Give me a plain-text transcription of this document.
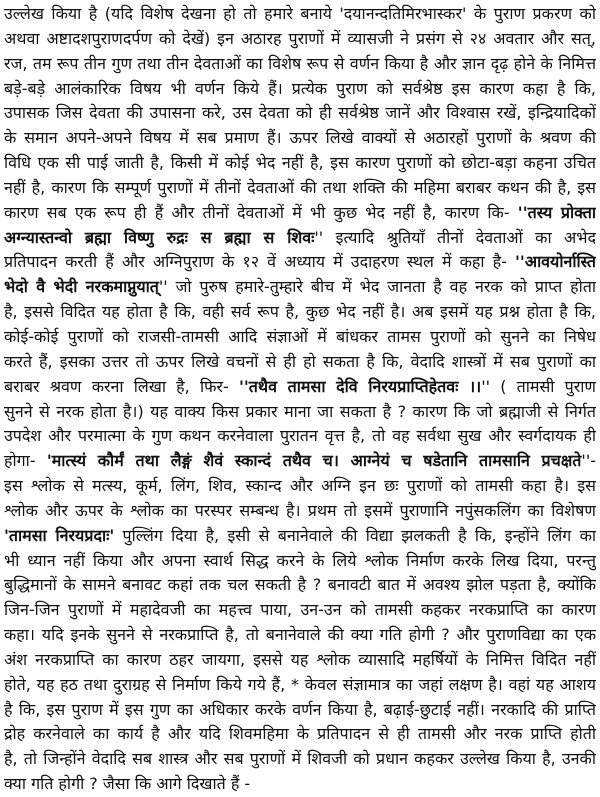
उल्लेख किया है (यदि विशेष देखना हो तो हमारे बनाये 'दयानन्दतिमिरभास्कर' के पुराण प्रकरण को
अथवा अष्टादशपुराणदर्पण को देखें) इन अठारह पुराणों में व्यासजी ने प्रसंग से २४ अवतार और सत्,
रज, तम रूप तीन गुण तथा तीन देवताओं का विशेष रूप से वर्णन किया है और ज्ञान दृढ़ होने के निमित्त
बड़े-बड़े आलंकारिक विषय भी वर्णन किये हैं। प्रत्येक पुराण को सर्वश्रेष्ठ इस कारण कहा है कि,
उपासक जिस देवता की उपासना करे, उस देवता को ही सर्वश्रेष्ठ जानें और विश्वास रखें, इन्द्रियादिकों
के समान अपने-अपने विषय में सब प्रमाण हैं। ऊपर लिखे वाक्यों से अठारहों पुराणों के श्रवण की
विधि एक सी पाई जाती है, किसी में कोई भेद नहीं है, इस कारण पुराणों को छोटा-बड़ा कहना उचित
नहीं है, कारण कि सम्पूर्ण पुराणों में तीनों देवताओं की तथा शक्ति की महिमा बराबर कथन की है, इस
कारण सब एक रूप ही हैं और तीनों देवताओं में भी कुछ भेद नहीं है, कारण कि- ''तस्य प्रोक्ता
अग्न्यास्तन्वो ब्रह्मा विष्णु रुद्रः स ब्रह्मा स शिवः'' इत्यादि श्रुतियाँ तीनों देवताओं का अभेद
प्रतिपादन करती हैं और अग्निपुराण के १२ वें अध्याय में उदाहरण स्थल में कहा है- ''आवयोर्नास्ति
भेदो वै भेदी नरकमाप्नुयात्'' जो पुरुष हमारे-तुम्हारे बीच में भेद जानता है वह नरक को प्राप्त होता
है, इससे विदित यह होता है कि, वही सर्व रूप है, कुछ भेद नहीं है। अब इसमें यह प्रश्न होता है कि,
कोई-कोई पुराणों को राजसी-तामसी आदि संज्ञाओं में बांधकर तामस पुराणों को सुनने का निषेध
करते हैं, इसका उत्तर तो ऊपर लिखे वचनों से ही हो सकता है कि, वेदादि शास्त्रों में सब पुराणों का
बराबर श्रवण करना लिखा है, फिर- ''तथैव तामसा देवि निरयप्राप्तिहेतवः ।।'' ( तामसी पुराण
सुनने से नरक होता है।) यह वाक्य किस प्रकार माना जा सकता है ? कारण कि जो ब्रह्माजी से निर्गत
उपदेश और परमात्मा के गुण कथन करनेवाला पुरातन वृत्त है, तो वह सर्वथा सुख और स्वर्गदायक ही
होगा- 'मात्स्यं कौर्मं तथा लैङ्गं शैवं स्कान्दं तथैव च। आग्नेयं च षडेतानि तामसानि प्रचक्षते''-
इस श्लोक से मत्स्य, कूर्म, लिंग, शिव, स्कान्द और अग्नि इन छः पुराणों को तामसी कहा है। इस
श्लोक और ऊपर के श्लोक का परस्पर सम्बन्ध है। प्रथम तो इसमें पुराणानि नपुंसकलिंग का विशेषण
'तामसा निरयप्रदाः' पुल्लिंग दिया है, इसी से बनानेवाले की विद्या झलकती है कि, इन्होंने लिंग का
भी ध्यान नहीं किया और अपना स्वार्थ सिद्ध करने के लिये श्लोक निर्माण करके लिख दिया, परन्तु
बुद्धिमानों के सामने बनावट कहां तक चल सकती है ? बनावटी बात में अवश्य झोल पड़ता है, क्योंकि
जिन-जिन पुराणों में महादेवजी का महत्त्व पाया, उन-उन को तामसी कहकर नरकप्राप्ति का कारण
कहा। यदि इनके सुनने से नरकप्राप्ति है, तो बनानेवाले की क्या गति होगी ? और पुराणविद्या का एक
अंश नरकप्राप्ति का कारण ठहर जायगा, इससे यह श्लोक व्यासादि महर्षियों के निमित्त विदित नहीं
होते, यह हठ तथा दुराग्रह से निर्माण किये गये हैं, * केवल संज्ञामात्र का जहां लक्षण है। वहां यह आशय
है कि, इस पुराण में इस गुण का अधिकार करके वर्णन किया है, बढ़ाई-छुटाई नहीं। नरकादि की प्राप्ति
द्रोह करनेवाले का कार्य है और यदि शिवमहिमा के प्रतिपादन से ही तामसी और नरक प्राप्ति होती
है, तो जिन्होंने वेदादि सब शास्त्र और सब पुराणों में शिवजी को प्रधान कहकर उल्लेख किया है, उनकी
क्या गति होगी ? जैसा कि आगे दिखाते हैं -
